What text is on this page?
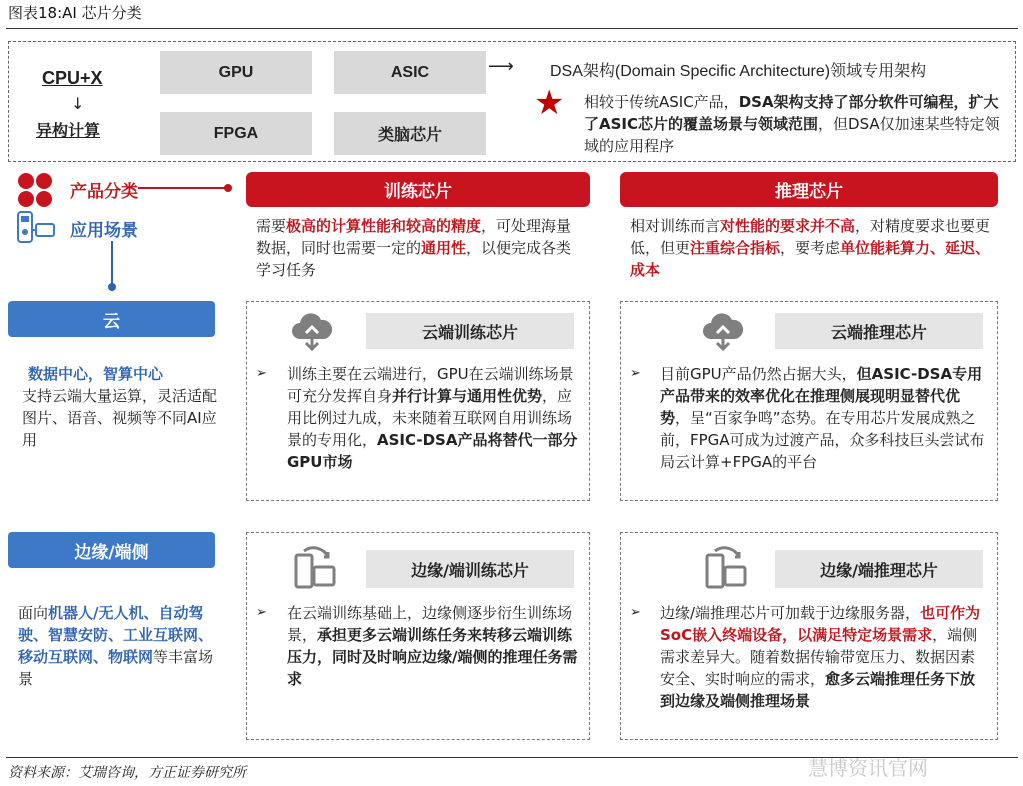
图表18:AI 芯片分类
CPU+X
↓
异构计算
GPU	ASIC
FPGA	类脑芯片
⟶ DSA架构(Domain Specific Architecture)领域专用架构
★ 相较于传统ASIC产品，DSA架构支持了部分软件可编程，扩大了ASIC芯片的覆盖场景与领域范围，但DSA仅加速某些特定领域的应用程序
产品分类
应用场景
训练芯片	推理芯片
需要极高的计算性能和较高的精度，可处理海量数据，同时也需要一定的通用性，以便完成各类学习任务
相对训练而言对性能的要求并不高，对精度要求也要更低，但更注重综合指标，要考虑单位能耗算力、延迟、成本
云
数据中心，智算中心
支持云端大量运算，灵活适配图片、语音、视频等不同AI应用
云端训练芯片
➢ 训练主要在云端进行，GPU在云端训练场景可充分发挥自身并行计算与通用性优势，应用比例过九成，未来随着互联网自用训练场景的专用化，ASIC-DSA产品将替代一部分GPU市场
云端推理芯片
➢ 目前GPU产品仍然占据大头，但ASIC-DSA专用产品带来的效率优化在推理侧展现明显替代优势，呈“百家争鸣”态势。在专用芯片发展成熟之前，FPGA可成为过渡产品，众多科技巨头尝试布局云计算+FPGA的平台
边缘/端侧
面向机器人/无人机、自动驾驶、智慧安防、工业互联网、移动互联网、物联网等丰富场景
边缘/端训练芯片
➢ 在云端训练基础上，边缘侧逐步衍生训练场景，承担更多云端训练任务来转移云端训练压力，同时及时响应边缘/端侧的推理任务需求
边缘/端推理芯片
➢ 边缘/端推理芯片可加载于边缘服务器，也可作为SoC嵌入终端设备，以满足特定场景需求，端侧需求差异大。随着数据传输带宽压力、数据因素安全、实时响应的需求，愈多云端推理任务下放到边缘及端侧推理场景
资料来源：艾瑞咨询，方正证券研究所	慧博资讯官网
